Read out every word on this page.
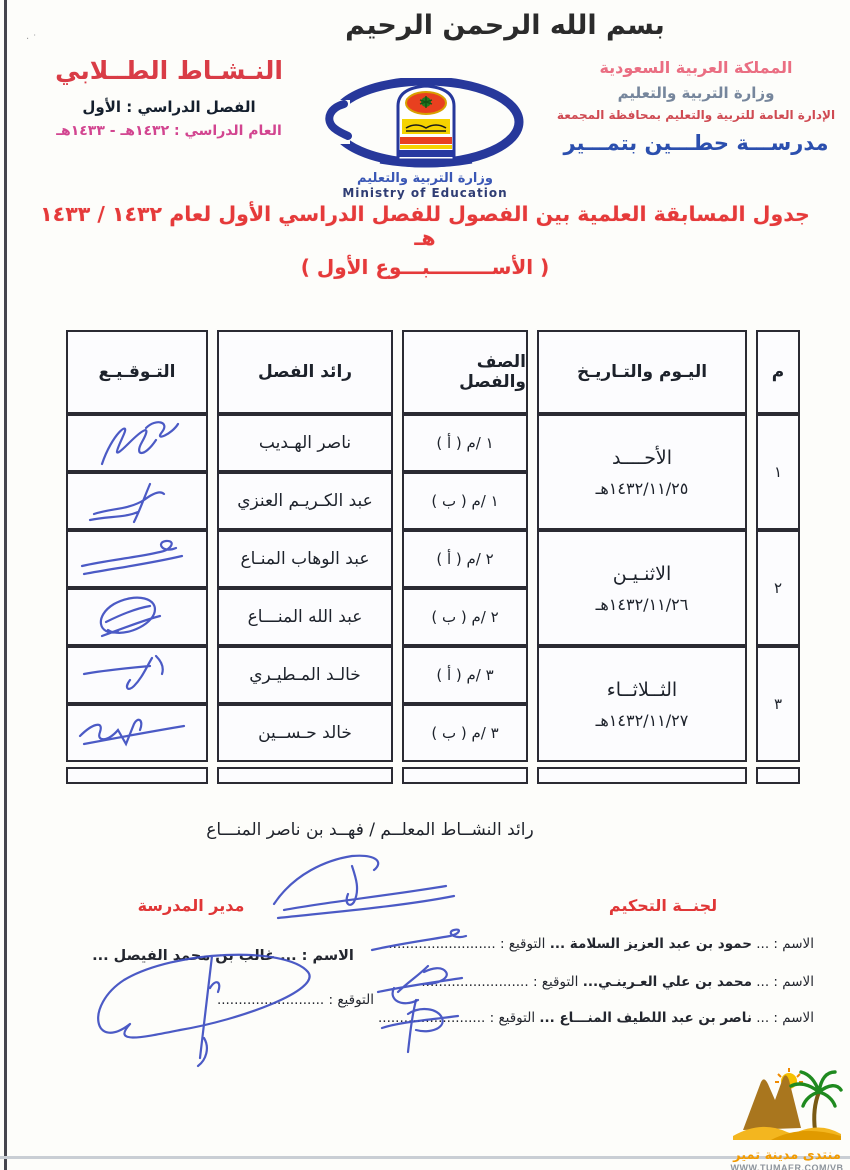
·˙	بسم الله الرحمن الرحيم
النـشـاط الطــلابي
الفصل الدراسي : الأول
العام الدراسي : ١٤٣٢هـ - ١٤٣٣هـ
وزارة التربية والتعليم
Ministry of Education
المملكة العربية السعودية
وزارة التربية والتعليم
الإدارة العامة للتربية والتعليم بمحافظة المجمعة
مدرســـة حطـــين بتمـــير
جدول المسابقة العلمية بين الفصول للفصل الدراسي الأول لعام ١٤٣٢ / ١٤٣٣ هـ
( الأســـــــــبـــوع الأول )
م
اليـوم والتـاريـخ
الصف والفصل
رائد الفصل
التـوقـيـع
١
الأحــــد
١٤٣٢/١١/٢٥هـ
١ /م ( أ )
ناصر الهـديب
١ /م ( ب )
عبد الكـريـم العنزي
٢
الاثنـيـن
١٤٣٢/١١/٢٦هـ
٢ /م ( أ )
عبد الوهاب المنـاع
٢ /م ( ب )
عبد الله المنـــاع
٣
الثــلاثــاء
١٤٣٢/١١/٢٧هـ
٣ /م ( أ )
خالـد المـطيـري
٣ /م ( ب )
خالد حـســين
رائد النشــاط المعلــم / فهــد بن ناصر المنـــاع
لجنــة التحكيم
مدير المدرسة
الاسم : ... حمود بن عبد العزيز السلامة ... التوقيع : .........................
الاسم : ... محمد بن علي العـرينـي... التوقيع : .........................
الاسم : ... ناصر بن عبد اللطيف المنـــاع ... التوقيع : .........................
الاسم : ... غالب بن محمد الفيصل ...
التوقيع : .........................
منتدى مدينة تمير
WWW.TUMAER.COM/VB
